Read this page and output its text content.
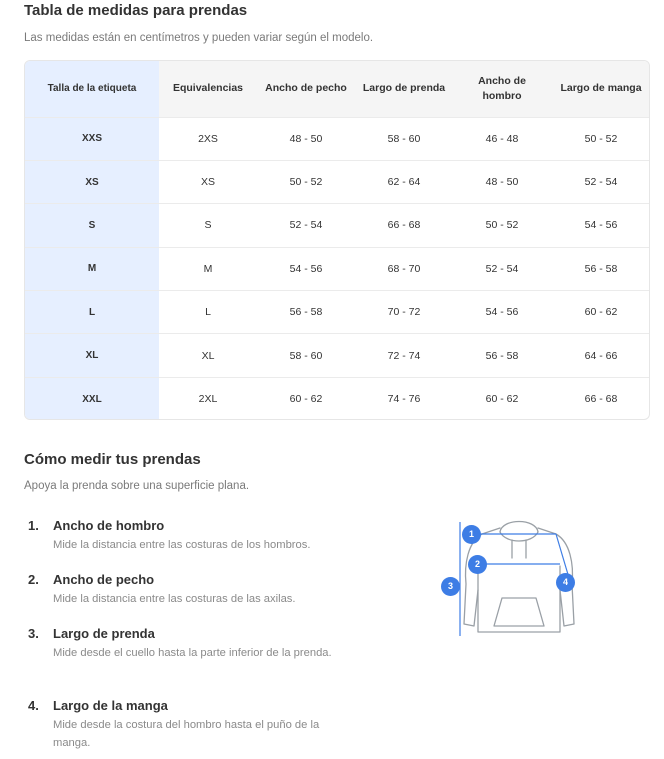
Tabla de medidas para prendas
Las medidas están en centímetros y pueden variar según el modelo.
Talla de la etiqueta	Equivalencias	Ancho de pecho	Largo de prenda	Ancho de hombro	Largo de manga
XXS	2XS	48 - 50	58 - 60	46 - 48	50 - 52
XS	XS	50 - 52	62 - 64	48 - 50	52 - 54
S	S	52 - 54	66 - 68	50 - 52	54 - 56
M	M	54 - 56	68 - 70	52 - 54	56 - 58
L	L	56 - 58	70 - 72	54 - 56	60 - 62
XL	XL	58 - 60	72 - 74	56 - 58	64 - 66
XXL	2XL	60 - 62	74 - 76	60 - 62	66 - 68
Cómo medir tus prendas
Apoya la prenda sobre una superficie plana.
1. Ancho de hombro
Mide la distancia entre las costuras de los hombros.
2. Ancho de pecho
Mide la distancia entre las costuras de las axilas.
3. Largo de prenda
Mide desde el cuello hasta la parte inferior de la prenda.
4. Largo de la manga
Mide desde la costura del hombro hasta el puño de la manga.
1
2
3	4
